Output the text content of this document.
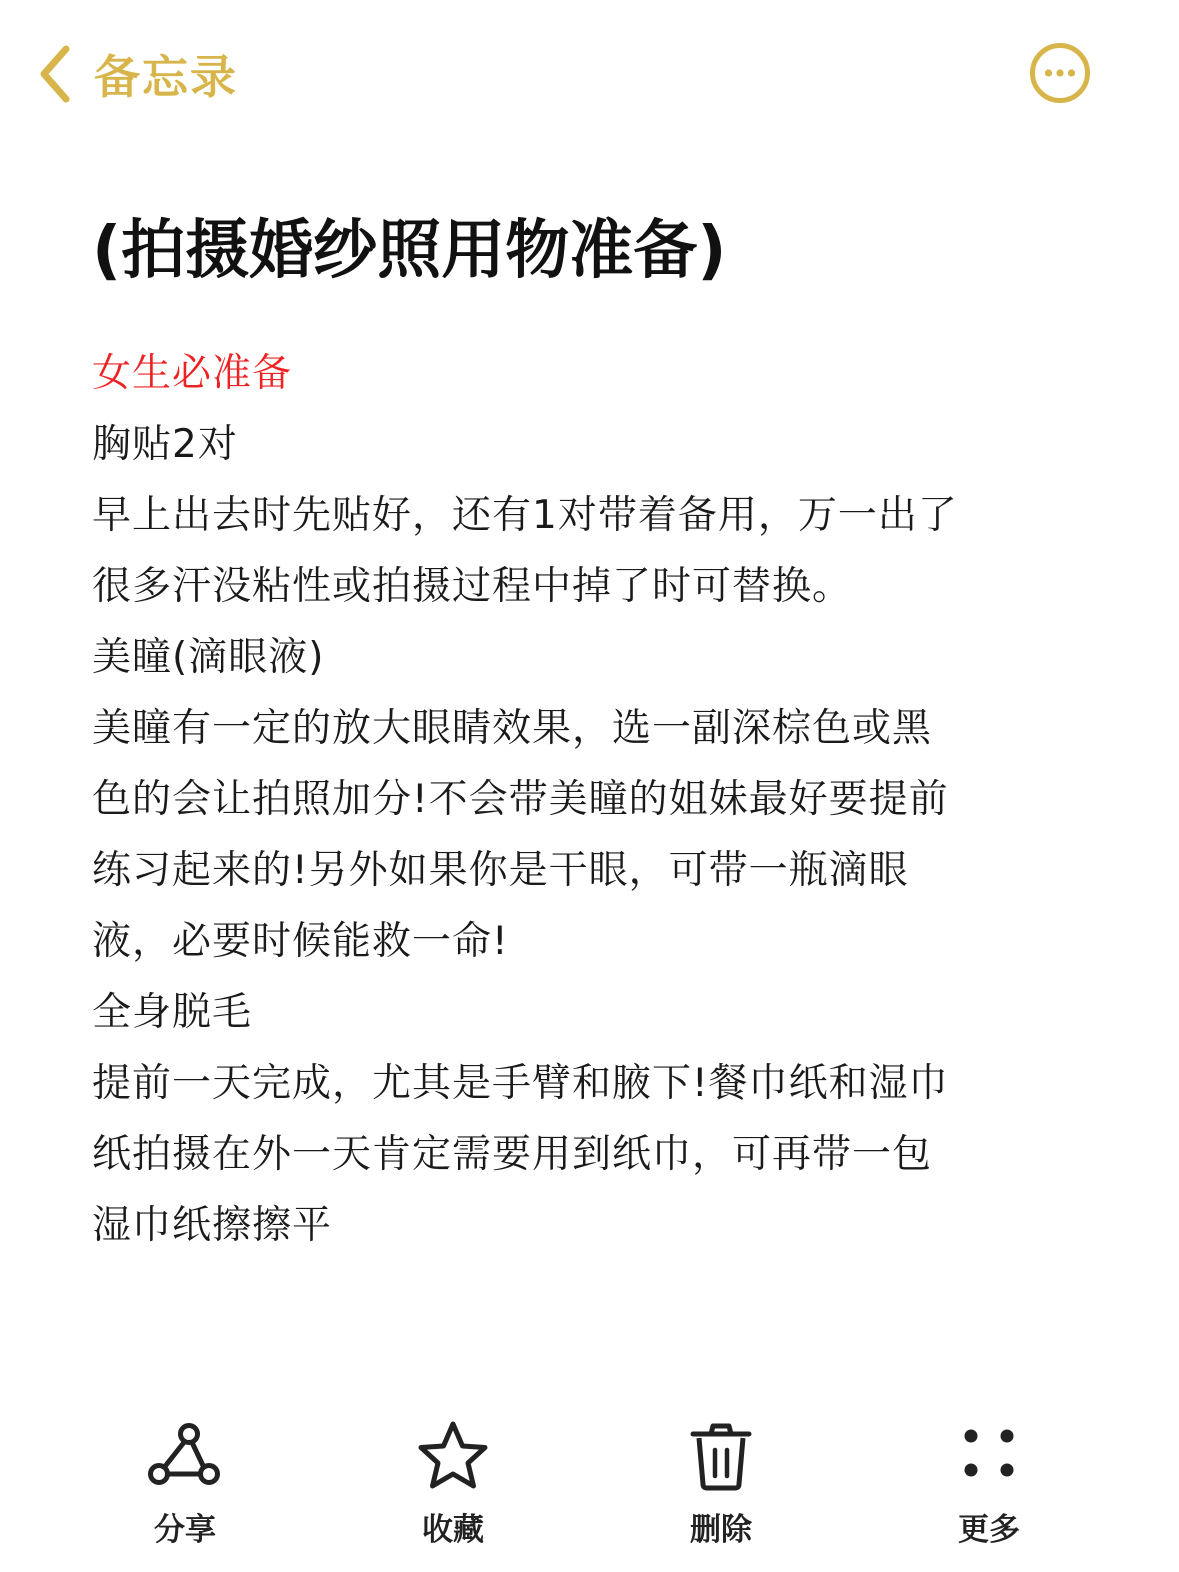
备忘录
(拍摄婚纱照用物准备)

女生必准备

胸贴2对

早上出去时先贴好，还有1对带着备用，万一出了

很多汗没粘性或拍摄过程中掉了时可替换。

美瞳(滴眼液)

美瞳有一定的放大眼睛效果，选一副深棕色或黑

色的会让拍照加分!不会带美瞳的姐妹最好要提前

练习起来的!另外如果你是干眼，可带一瓶滴眼

液，必要时候能救一命!

全身脱毛

提前一天完成，尤其是手臂和腋下!餐巾纸和湿巾

纸拍摄在外一天肯定需要用到纸巾，可再带一包

湿巾纸擦擦平

分享	收藏	删除	更多
